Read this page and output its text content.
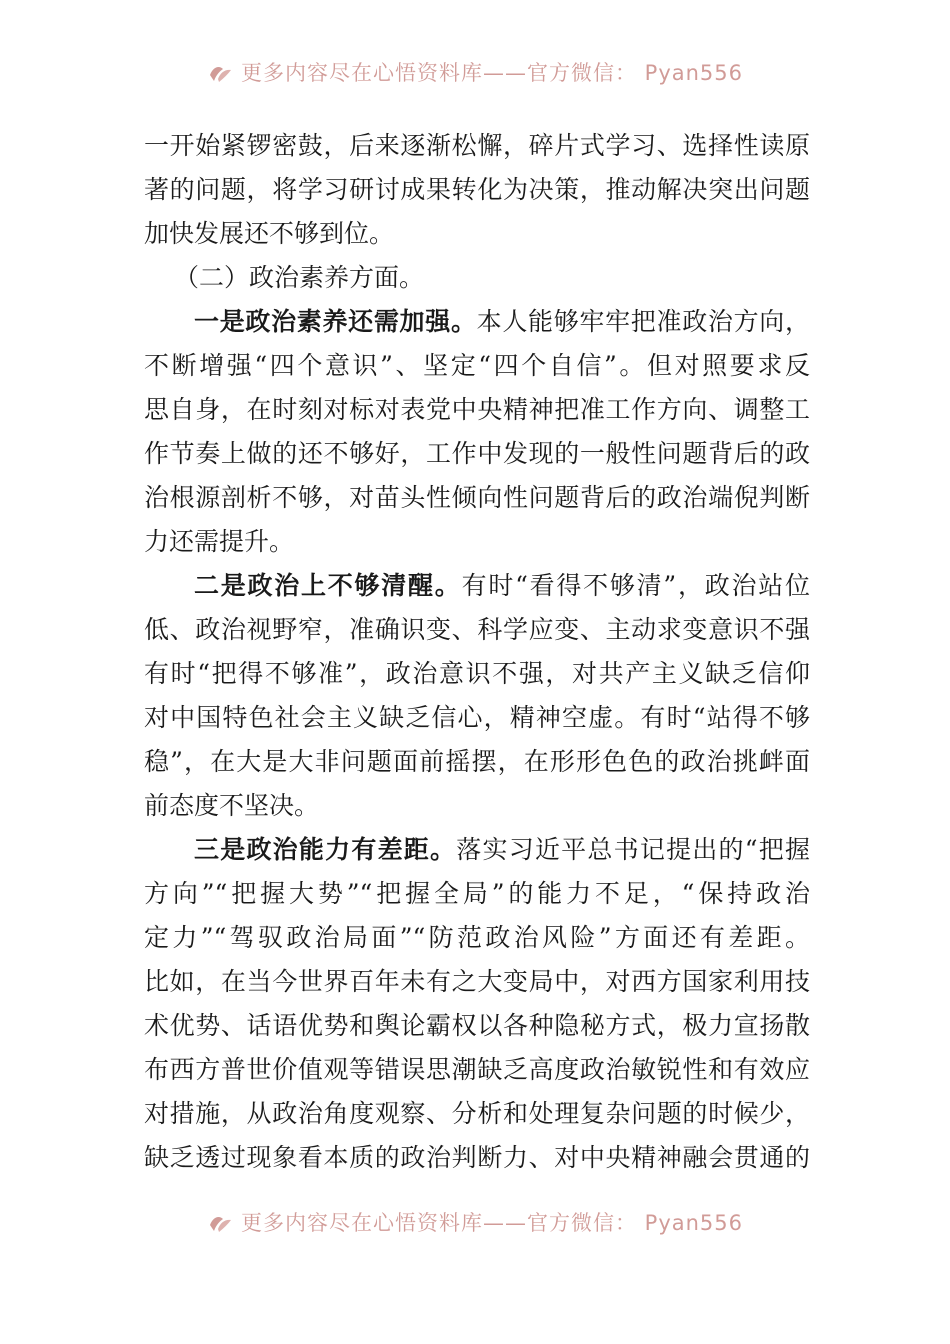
更多内容尽在心悟资料库——官方微信： Pyan556
一开始紧锣密鼓，后来逐渐松懈，碎片式学习、选择性读原
著的问题，将学习研讨成果转化为决策，推动解决突出问题
加快发展还不够到位。
（二）政治素养方面。
一是政治素养还需加强。本人能够牢牢把准政治方向，
不断增强“四个意识”、坚定“四个自信”。但对照要求反
思自身，在时刻对标对表党中央精神把准工作方向、调整工
作节奏上做的还不够好，工作中发现的一般性问题背后的政
治根源剖析不够，对苗头性倾向性问题背后的政治端倪判断
力还需提升。
二是政治上不够清醒。有时“看得不够清”，政治站位
低、政治视野窄，准确识变、科学应变、主动求变意识不强
有时“把得不够准”，政治意识不强，对共产主义缺乏信仰
对中国特色社会主义缺乏信心，精神空虚。有时“站得不够
稳”，在大是大非问题面前摇摆，在形形色色的政治挑衅面
前态度不坚决。
三是政治能力有差距。落实习近平总书记提出的“把握
方向”“把握大势”“把握全局”的能力不足，“保持政治
定力”“驾驭政治局面”“防范政治风险”方面还有差距。
比如，在当今世界百年未有之大变局中，对西方国家利用技
术优势、话语优势和舆论霸权以各种隐秘方式，极力宣扬散
布西方普世价值观等错误思潮缺乏高度政治敏锐性和有效应
对措施，从政治角度观察、分析和处理复杂问题的时候少，
缺乏透过现象看本质的政治判断力、对中央精神融会贯通的
更多内容尽在心悟资料库——官方微信： Pyan556
